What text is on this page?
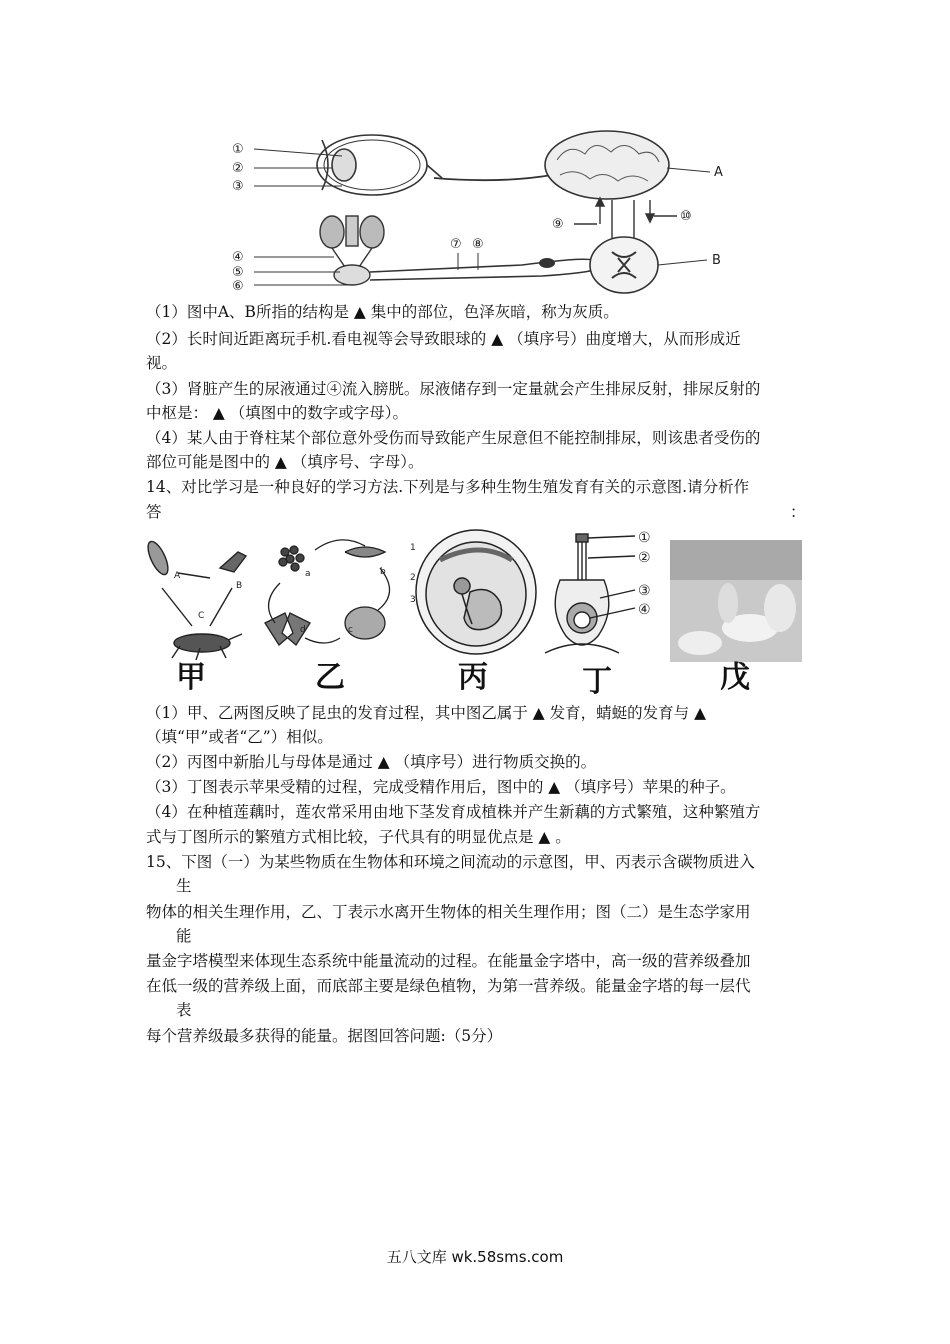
①
②
③
④
⑤
⑥
⑦ ⑧
⑨
⑩
A
B
（1）图中A、B所指的结构是 ▲ 集中的部位，色泽灰暗，称为灰质。
（2）长时间近距离玩手机.看电视等会导致眼球的 ▲ （填序号）曲度增大，从而形成近
视。
（3）肾脏产生的尿液通过④流入膀胱。尿液储存到一定量就会产生排尿反射，排尿反射的
中枢是： ▲ （填图中的数字或字母）。
（4）某人由于脊柱某个部位意外受伤而导致能产生尿意但不能控制排尿，则该患者受伤的
部位可能是图中的 ▲ （填序号、字母）。
14、对比学习是一种良好的学习方法.下列是与多种生物生殖发育有关的示意图.请分析作
答	：
A
B
C
a	b
c
d
1
2
3
①
②
③
④
甲	乙	丙	丁	戊
（1）甲、乙两图反映了昆虫的发育过程，其中图乙属于 ▲ 发育，蜻蜓的发育与 ▲
（填“甲”或者“乙”）相似。
（2）丙图中新胎儿与母体是通过 ▲ （填序号）进行物质交换的。
（3）丁图表示苹果受精的过程，完成受精作用后，图中的 ▲ （填序号）苹果的种子。
（4）在种植莲藕时，莲农常采用由地下茎发育成植株并产生新藕的方式繁殖，这种繁殖方
式与丁图所示的繁殖方式相比较，子代具有的明显优点是 ▲ 。
15、下图（一）为某些物质在生物体和环境之间流动的示意图，甲、丙表示含碳物质进入
生
物体的相关生理作用，乙、丁表示水离开生物体的相关生理作用；图（二）是生态学家用
能
量金字塔模型来体现生态系统中能量流动的过程。在能量金字塔中，高一级的营养级叠加
在低一级的营养级上面，而底部主要是绿色植物，为第一营养级。能量金字塔的每一层代
表
每个营养级最多获得的能量。据图回答问题:（5分）
五八文库 wk.58sms.com
